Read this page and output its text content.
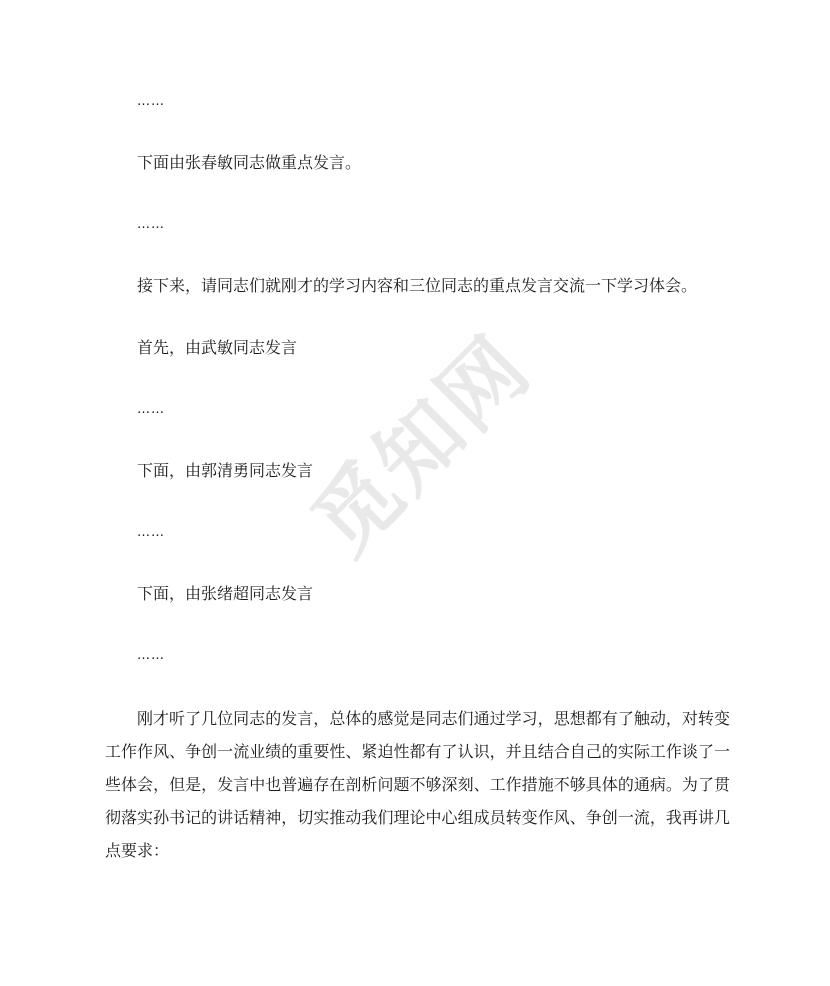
觅知网
……
下面由张春敏同志做重点发言。
……
接下来，请同志们就刚才的学习内容和三位同志的重点发言交流一下学习体会。
首先，由武敏同志发言
……
下面，由郭清勇同志发言
……
下面，由张绪超同志发言
……
刚才听了几位同志的发言，总体的感觉是同志们通过学习，思想都有了触动，对转变工作作风、争创一流业绩的重要性、紧迫性都有了认识，并且结合自己的实际工作谈了一些体会，但是，发言中也普遍存在剖析问题不够深刻、工作措施不够具体的通病。为了贯彻落实孙书记的讲话精神，切实推动我们理论中心组成员转变作风、争创一流，我再讲几点要求：
